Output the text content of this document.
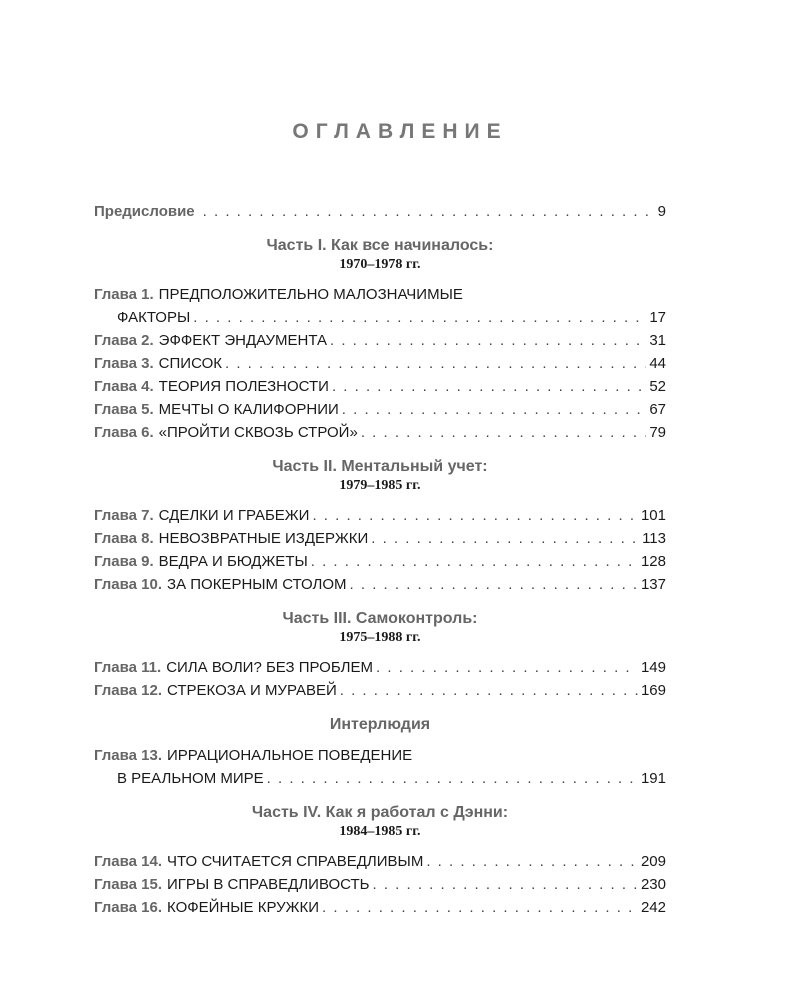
ОГЛАВЛЕНИЕ
Предисловие . . .	9
Часть I. Как все начиналось:
1970–1978 гг.
Глава 1. ПРЕДПОЛОЖИТЕЛЬНО МАЛОЗНАЧИМЫЕ
ФАКТОРЫ . . .	17
Глава 2. ЭФФЕКТ ЭНДАУМЕНТА . . .	31
Глава 3. СПИСОК . . .	44
Глава 4. ТЕОРИЯ ПОЛЕЗНОСТИ . . .	52
Глава 5. МЕЧТЫ О КАЛИФОРНИИ . . .	67
Глава 6. «ПРОЙТИ СКВОЗЬ СТРОЙ» . . .	79
Часть II. Ментальный учет:
1979–1985 гг.
Глава 7. СДЕЛКИ И ГРАБЕЖИ . . .	101
Глава 8. НЕВОЗВРАТНЫЕ ИЗДЕРЖКИ . . .	113
Глава 9. ВЕДРА И БЮДЖЕТЫ . . .	128
Глава 10. ЗА ПОКЕРНЫМ СТОЛОМ . . .	137
Часть III. Самоконтроль:
1975–1988 гг.
Глава 11. СИЛА ВОЛИ? БЕЗ ПРОБЛЕМ . . .	149
Глава 12. СТРЕКОЗА И МУРАВЕЙ . . .	169
Интерлюдия
Глава 13. ИРРАЦИОНАЛЬНОЕ ПОВЕДЕНИЕ
В РЕАЛЬНОМ МИРЕ . . .	191
Часть IV. Как я работал с Дэнни:
1984–1985 гг.
Глава 14. ЧТО СЧИТАЕТСЯ СПРАВЕДЛИВЫМ . . .	209
Глава 15. ИГРЫ В СПРАВЕДЛИВОСТЬ . . .	230
Глава 16. КОФЕЙНЫЕ КРУЖКИ . . .	242
